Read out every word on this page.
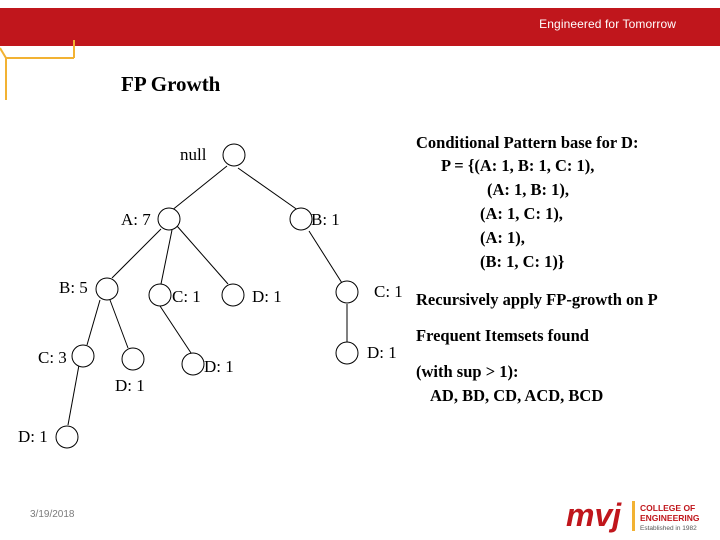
Engineered for Tomorrow
FP Growth
null
A: 7	B: 1
B: 5	C: 1	D: 1	C: 1
C: 3
D: 1
D: 1
D: 1
D: 1
Conditional Pattern base for D:
P = {(A: 1, B: 1, C: 1),
(A: 1, B: 1),
(A: 1, C: 1),
(A: 1),
(B: 1, C: 1)}
Recursively apply FP-growth on P
Frequent Itemsets found
(with sup > 1):
AD, BD, CD, ACD, BCD
3/19/2018	mvj COLLEGE OF
ENGINEERING
Established in 1982
